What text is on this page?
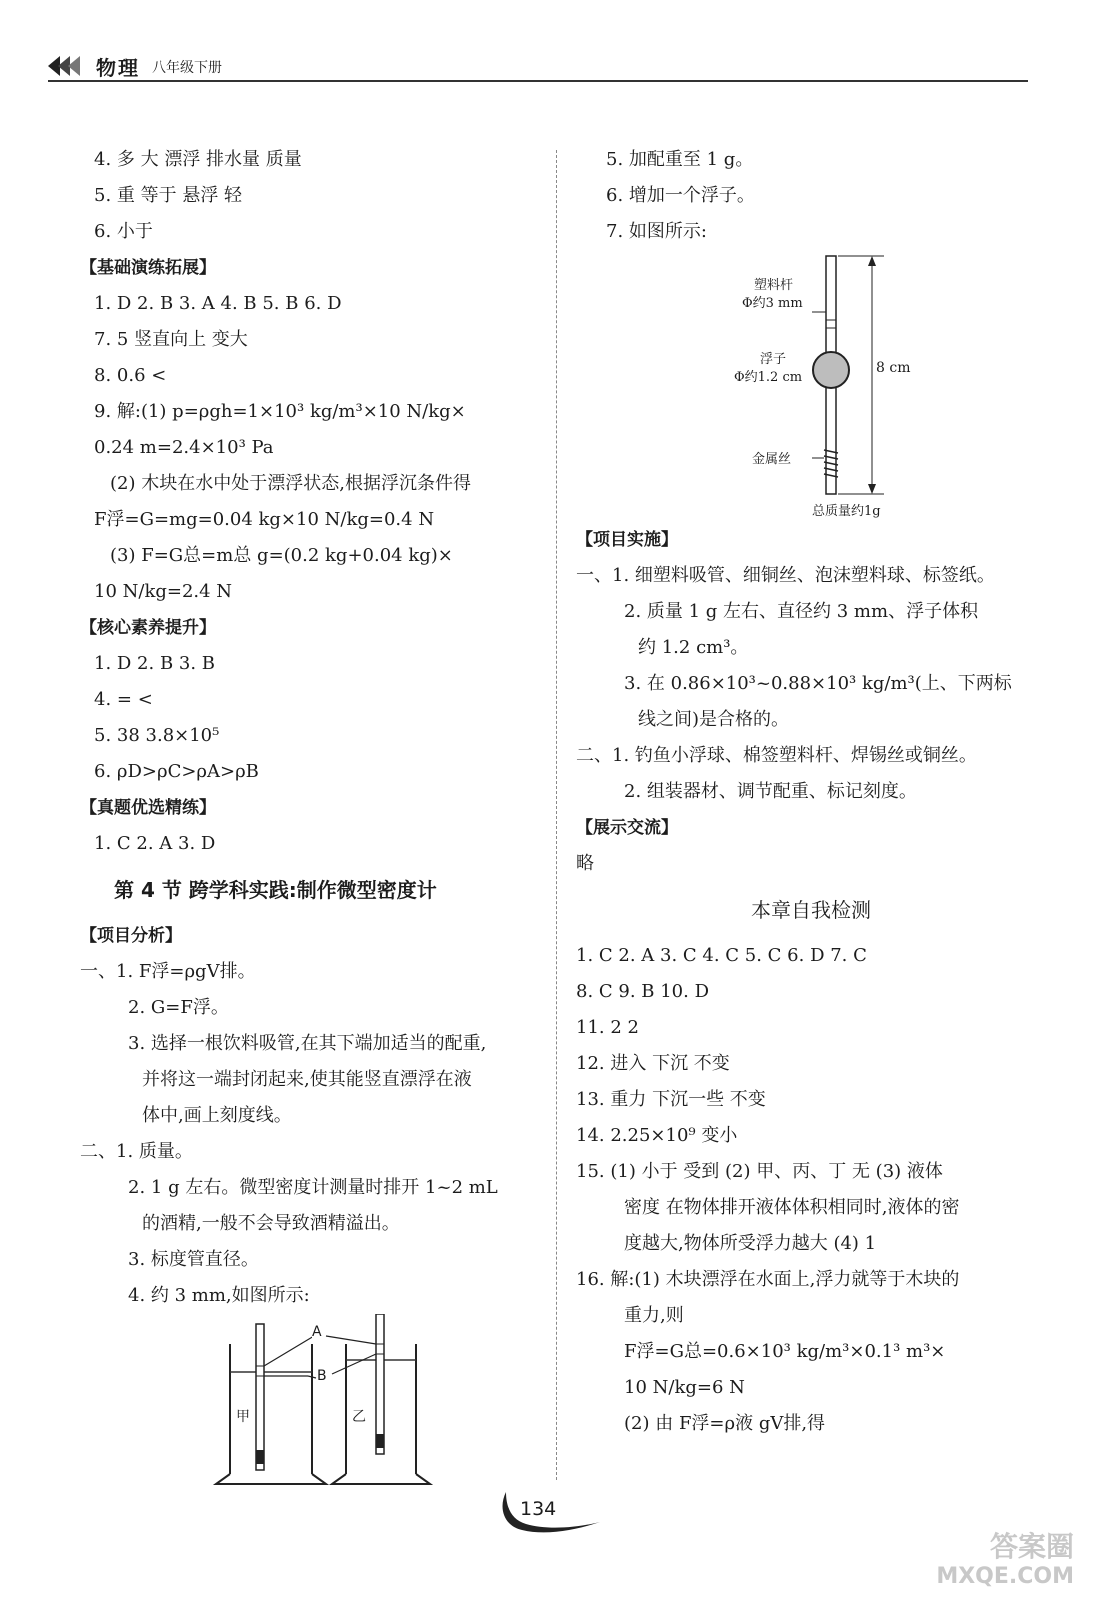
物理 八年级下册
4. 多 大 漂浮 排水量 质量
5. 重 等于 悬浮 轻
6. 小于
【基础演练拓展】
1. D 2. B 3. A 4. B 5. B 6. D
7. 5 竖直向上 变大
8. 0.6 <
9. 解:(1) p=ρgh=1×10³ kg/m³×10 N/kg×
0.24 m=2.4×10³ Pa
(2) 木块在水中处于漂浮状态,根据浮沉条件得
F浮=G=mg=0.04 kg×10 N/kg=0.4 N
(3) F=G总=m总 g=(0.2 kg+0.04 kg)×
10 N/kg=2.4 N
【核心素养提升】
1. D 2. B 3. B
4. = <
5. 38 3.8×10⁵
6. ρD>ρC>ρA>ρB
【真题优选精练】
1. C 2. A 3. D
第 4 节 跨学科实践:制作微型密度计
【项目分析】
一、1. F浮=ρgV排。
2. G=F浮。
3. 选择一根饮料吸管,在其下端加适当的配重,
并将这一端封闭起来,使其能竖直漂浮在液
体中,画上刻度线。
二、1. 质量。
2. 1 g 左右。微型密度计测量时排开 1~2 mL
的酒精,一般不会导致酒精溢出。
3. 标度管直径。
4. 约 3 mm,如图所示:
A
B
甲	乙
5. 加配重至 1 g。
6. 增加一个浮子。
7. 如图所示:
塑料杆
Φ约3 mm
浮子
Φ约1.2 cm
8 cm
金属丝
总质量约1g
【项目实施】
一、1. 细塑料吸管、细铜丝、泡沫塑料球、标签纸。
2. 质量 1 g 左右、直径约 3 mm、浮子体积
约 1.2 cm³。
3. 在 0.86×10³~0.88×10³ kg/m³(上、下两标
线之间)是合格的。
二、1. 钓鱼小浮球、棉签塑料杆、焊锡丝或铜丝。
2. 组装器材、调节配重、标记刻度。
【展示交流】
略
本章自我检测
1. C 2. A 3. C 4. C 5. C 6. D 7. C
8. C 9. B 10. D
11. 2 2
12. 进入 下沉 不变
13. 重力 下沉一些 不变
14. 2.25×10⁹ 变小
15. (1) 小于 受到 (2) 甲、丙、丁 无 (3) 液体
密度 在物体排开液体体积相同时,液体的密
度越大,物体所受浮力越大 (4) 1
16. 解:(1) 木块漂浮在水面上,浮力就等于木块的
重力,则
F浮=G总=0.6×10³ kg/m³×0.1³ m³×
10 N/kg=6 N
(2) 由 F浮=ρ液 gV排,得
134
答案圈
MXQE.COM
